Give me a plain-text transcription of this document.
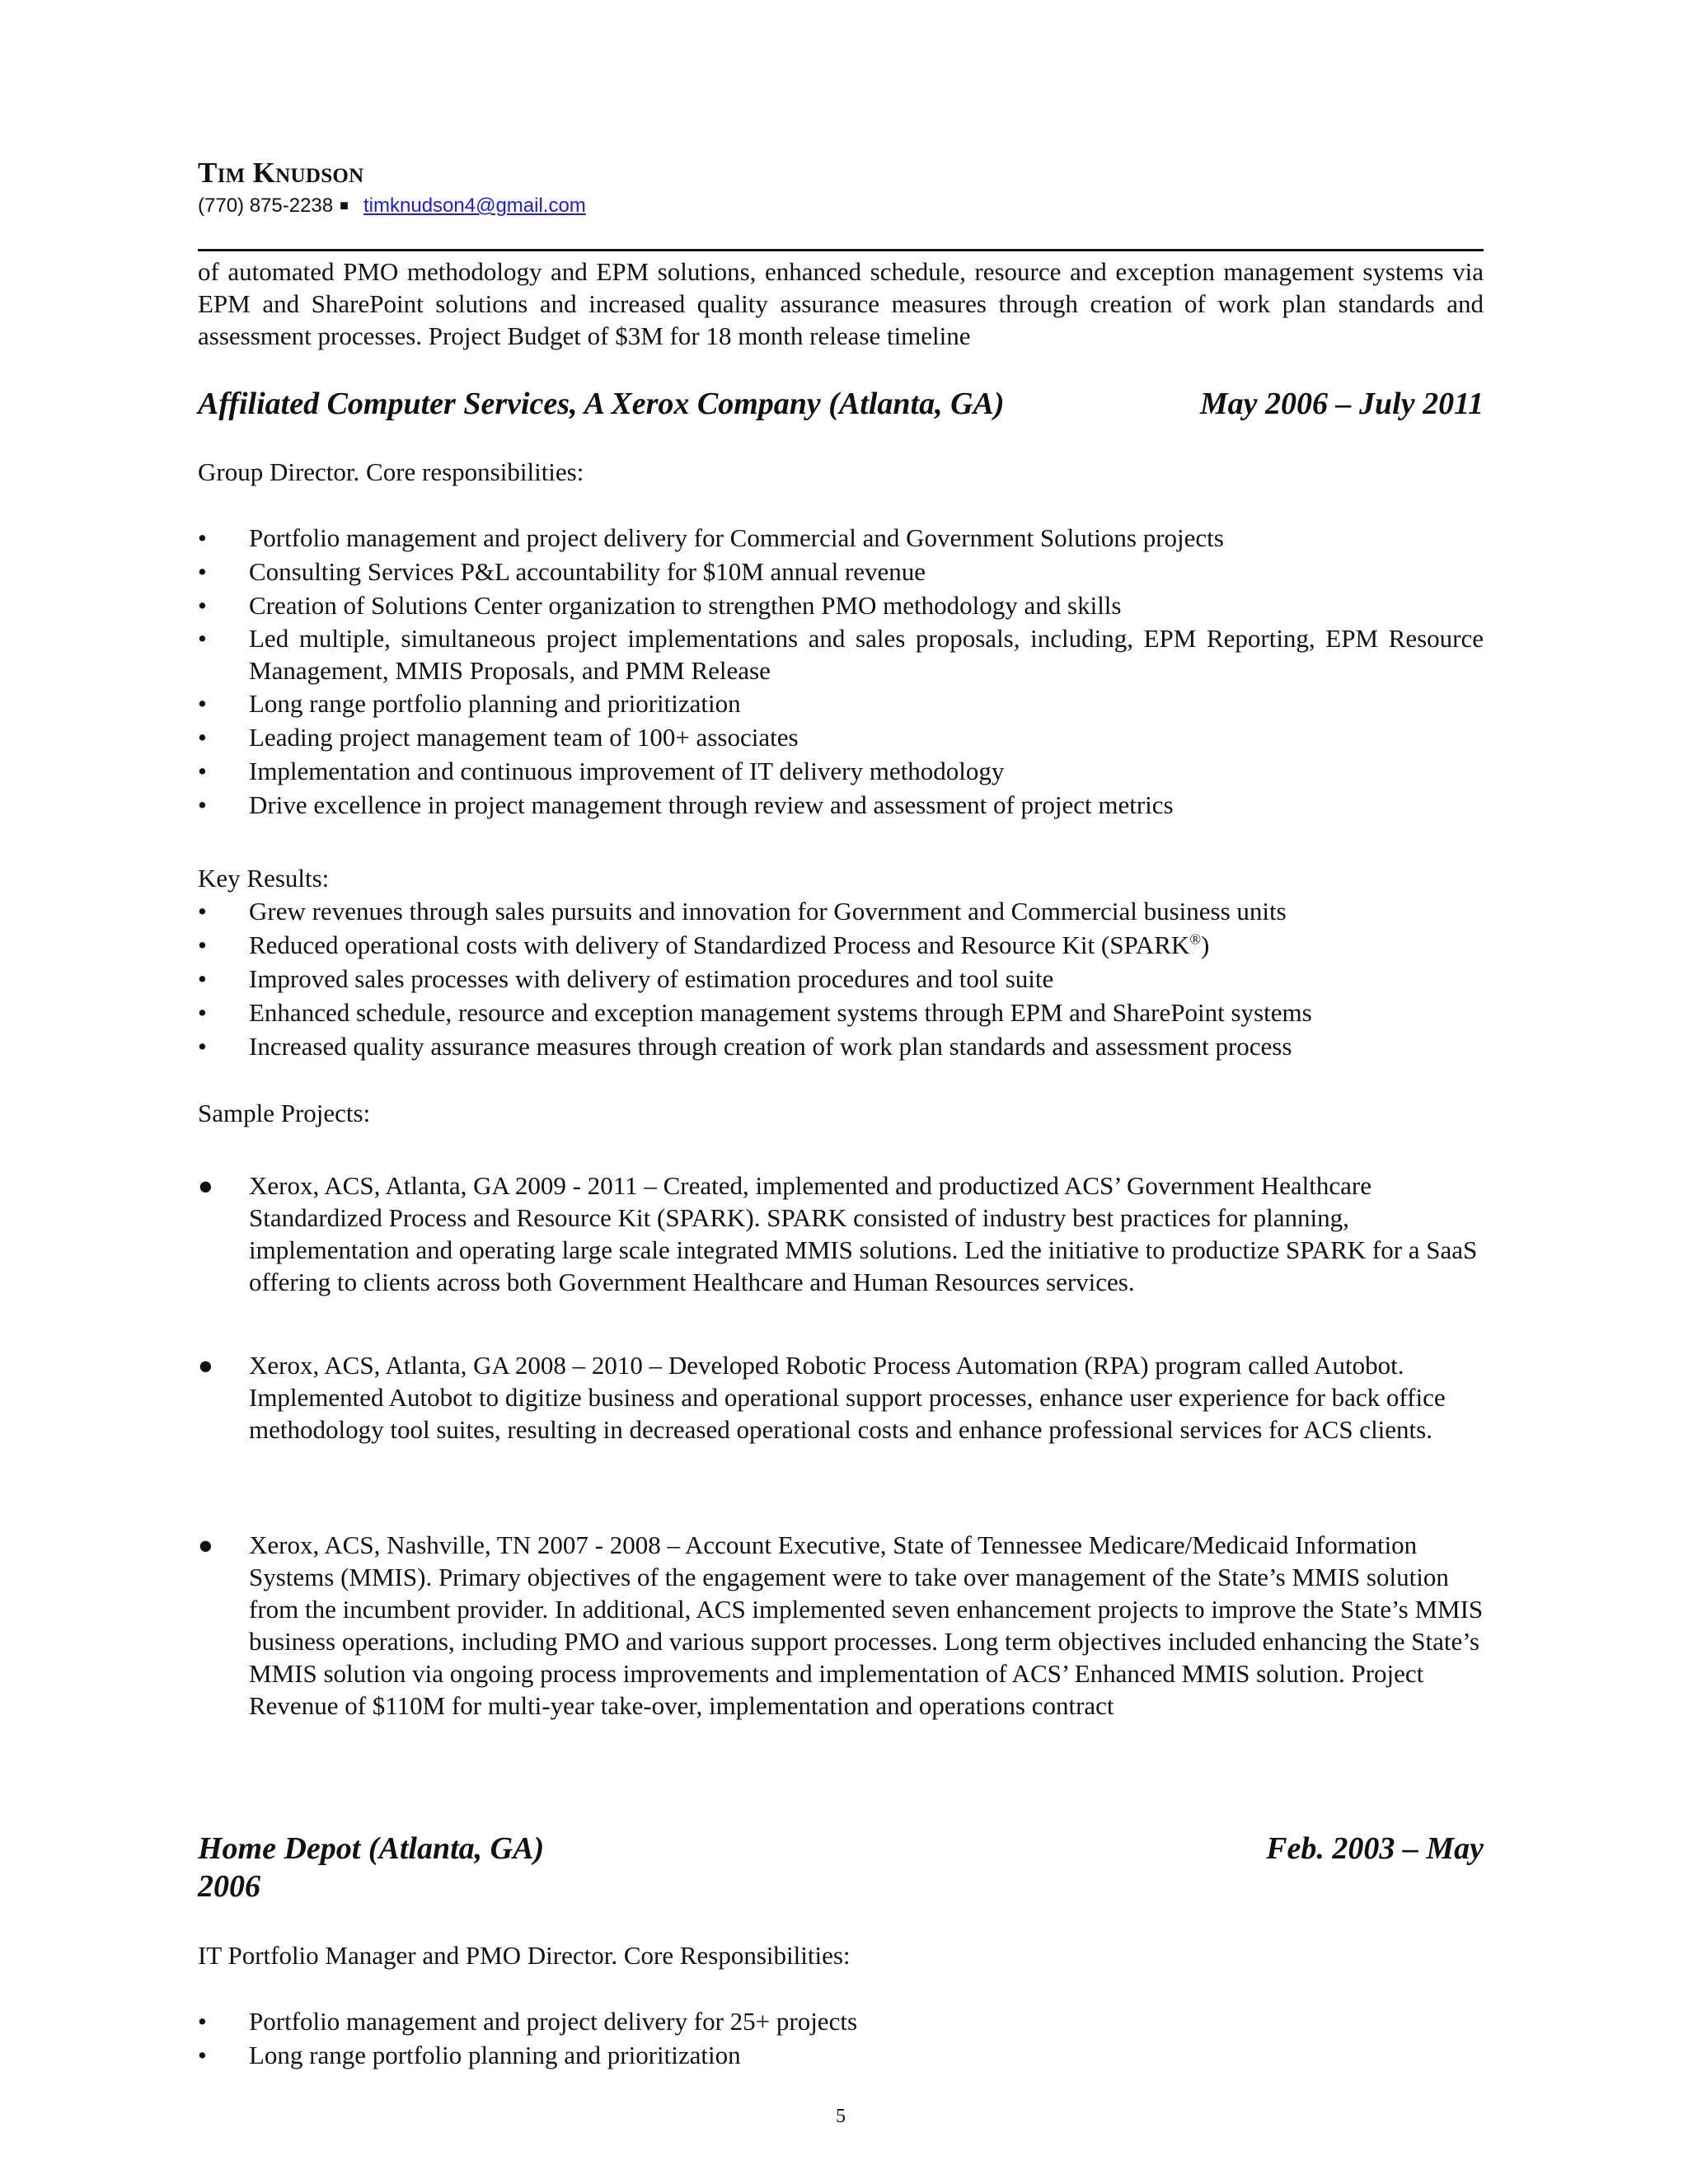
Tim Knudson
(770) 875-2238 ■ timknudson4@gmail.com
of automated PMO methodology and EPM solutions, enhanced schedule, resource and exception management systems via EPM and SharePoint solutions and increased quality assurance measures through creation of work plan standards and assessment processes. Project Budget of $3M for 18 month release timeline
Affiliated Computer Services, A Xerox Company (Atlanta, GA)	May 2006 – July 2011
Group Director. Core responsibilities:
• Portfolio management and project delivery for Commercial and Government Solutions projects
• Consulting Services P&L accountability for $10M annual revenue
• Creation of Solutions Center organization to strengthen PMO methodology and skills
• Led multiple, simultaneous project implementations and sales proposals, including, EPM Reporting, EPM Resource Management, MMIS Proposals, and PMM Release
• Long range portfolio planning and prioritization
• Leading project management team of 100+ associates
• Implementation and continuous improvement of IT delivery methodology
• Drive excellence in project management through review and assessment of project metrics
Key Results:
• Grew revenues through sales pursuits and innovation for Government and Commercial business units
• Reduced operational costs with delivery of Standardized Process and Resource Kit (SPARK®)
• Improved sales processes with delivery of estimation procedures and tool suite
• Enhanced schedule, resource and exception management systems through EPM and SharePoint systems
• Increased quality assurance measures through creation of work plan standards and assessment process
Sample Projects:
● Xerox, ACS, Atlanta, GA 2009 - 2011 – Created, implemented and productized ACS’ Government Healthcare Standardized Process and Resource Kit (SPARK). SPARK consisted of industry best practices for planning, implementation and operating large scale integrated MMIS solutions. Led the initiative to productize SPARK for a SaaS offering to clients across both Government Healthcare and Human Resources services.
● Xerox, ACS, Atlanta, GA 2008 – 2010 – Developed Robotic Process Automation (RPA) program called Autobot. Implemented Autobot to digitize business and operational support processes, enhance user experience for back office methodology tool suites, resulting in decreased operational costs and enhance professional services for ACS clients.
● Xerox, ACS, Nashville, TN 2007 - 2008 – Account Executive, State of Tennessee Medicare/Medicaid Information Systems (MMIS). Primary objectives of the engagement were to take over management of the State’s MMIS solution from the incumbent provider. In additional, ACS implemented seven enhancement projects to improve the State’s MMIS business operations, including PMO and various support processes. Long term objectives included enhancing the State’s MMIS solution via ongoing process improvements and implementation of ACS’ Enhanced MMIS solution. Project Revenue of $110M for multi-year take-over, implementation and operations contract
Home Depot (Atlanta, GA)	Feb. 2003 – May
2006
IT Portfolio Manager and PMO Director. Core Responsibilities:
• Portfolio management and project delivery for 25+ projects
• Long range portfolio planning and prioritization
5
